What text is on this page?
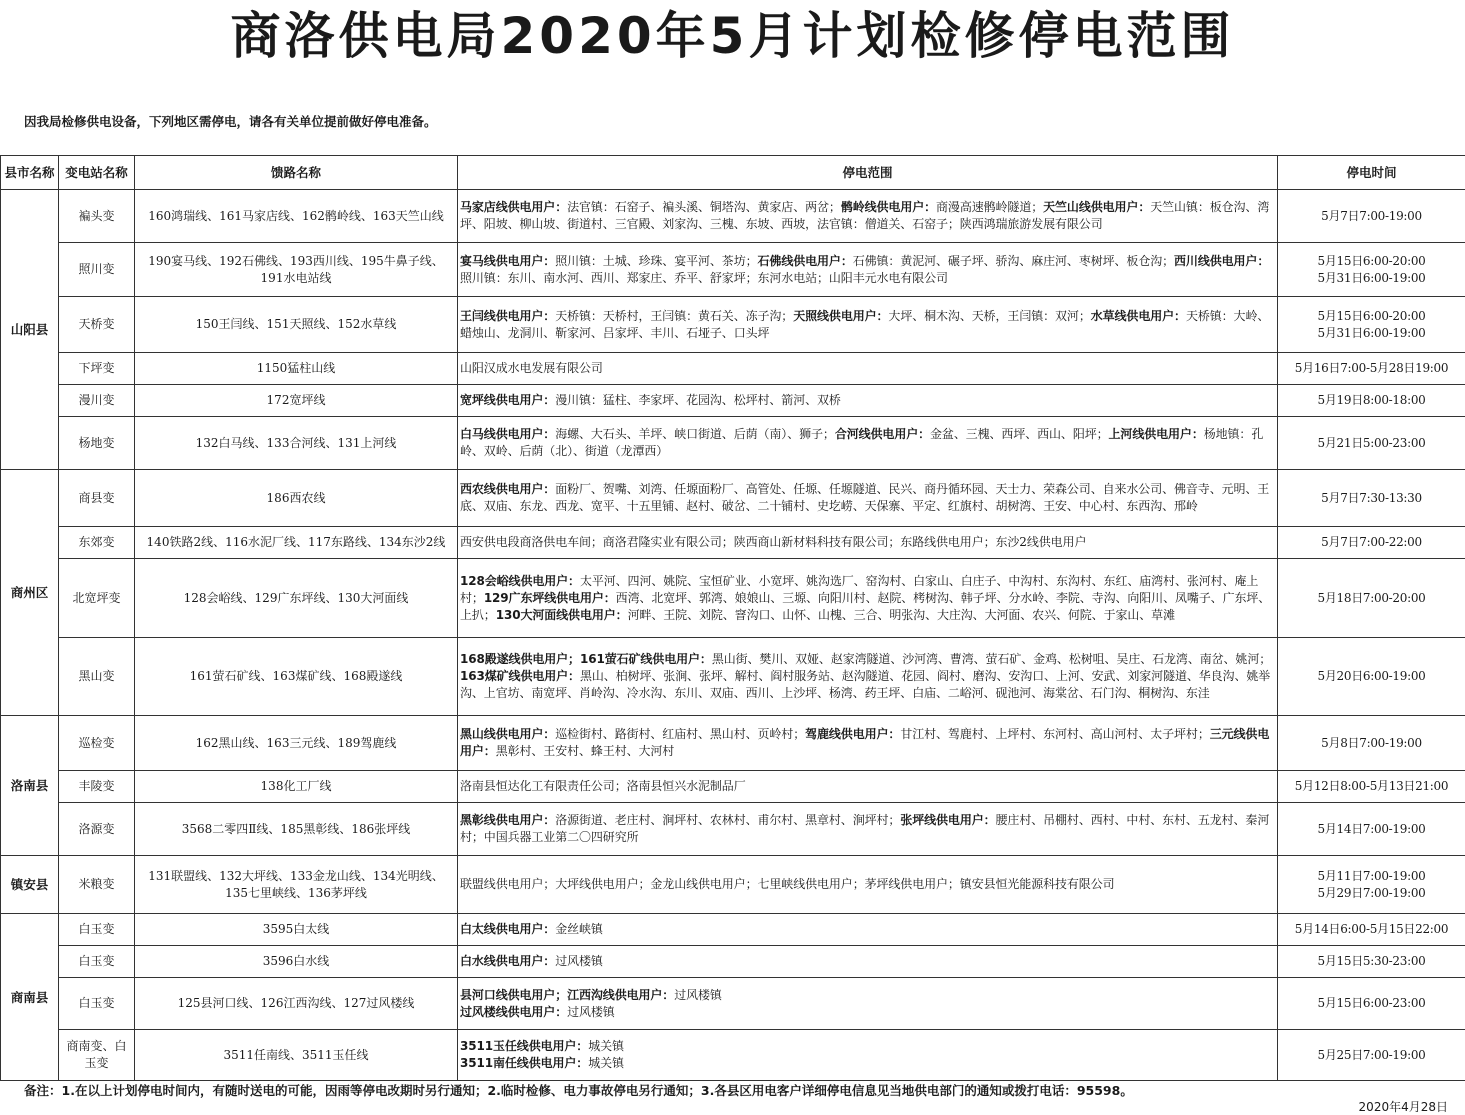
商洛供电局2020年5月计划检修停电范围
因我局检修供电设备，下列地区需停电，请各有关单位提前做好停电准备。
县市名称	变电站名称	馈路名称	停电范围	停电时间
山阳县	褊头变	160鸿瑞线、161马家店线、162鹘岭线、163天竺山线	马家店线供电用户：法官镇：石窑子、褊头溪、铜塔沟、黄家店、两岔；鹘岭线供电用户：商漫高速鹘岭隧道；天竺山线供电用户：天竺山镇：板仓沟、湾坪、阳坡、柳山坡、街道村、三官殿、刘家沟、三槐、东坡、西坡，法官镇：僧道关、石窑子；陕西鸿瑞旅游发展有限公司	5月7日7:00-19:00

	照川变	190宴马线、192石佛线、193西川线、195牛鼻子线、191水电站线	宴马线供电用户：照川镇：土城、珍珠、宴平河、茶坊；石佛线供电用户：石佛镇：黄泥河、碾子坪、骄沟、麻庄河、枣树坪、板仓沟；西川线供电用户：照川镇：东川、南水河、西川、郑家庄、乔平、舒家坪；东河水电站；山阳丰元水电有限公司	5月15日6:00-20:00
5月31日6:00-19:00

	天桥变	150王闫线、151天照线、152水草线	王闫线供电用户：天桥镇：天桥村，王闫镇：黄石关、冻子沟；天照线供电用户：大坪、桐木沟、天桥，王闫镇：双河；水草线供电用户：天桥镇：大岭、蜡烛山、龙洞川、靳家河、吕家坪、丰川、石垭子、口头坪	5月15日6:00-20:00
5月31日6:00-19:00

	下坪变	1150猛柱山线	山阳汉成水电发展有限公司	5月16日7:00-5月28日19:00

	漫川变	172宽坪线	宽坪线供电用户：漫川镇：猛柱、李家坪、花园沟、松坪村、箭河、双桥	5月19日8:00-18:00

	杨地变	132白马线、133合河线、131上河线	白马线供电用户：海螺、大石头、羊坪、峡口街道、后荫（南）、狮子；合河线供电用户：金盆、三槐、西坪、西山、阳坪；上河线供电用户：杨地镇：孔岭、双岭、后荫（北）、街道（龙潭西）	5月21日5:00-23:00

商州区	商县变	186西农线	西农线供电用户：面粉厂、贺嘴、刘湾、任塬面粉厂、高管处、任塬、任塬隧道、民兴、商丹循环园、天士力、荣森公司、自来水公司、佛音寺、元明、王底、双庙、东龙、西龙、宽平、十五里铺、赵村、破岔、二十铺村、史圪崂、天保寨、平定、红旗村、胡树湾、王安、中心村、东西沟、邢岭	5月7日7:30-13:30

	东郊变	140铁路2线、116水泥厂线、117东路线、134东沙2线	西安供电段商洛供电车间；商洛君隆实业有限公司；陕西商山新材料科技有限公司；东路线供电用户；东沙2线供电用户	5月7日7:00-22:00

	北宽坪变	128会峪线、129广东坪线、130大河面线	128会峪线供电用户：太平河、四河、姚院、宝恒矿业、小宽坪、姚沟选厂、窑沟村、白家山、白庄子、中沟村、东沟村、东红、庙湾村、张河村、庵上村；129广东坪线供电用户：西湾、北宽坪、郭湾、娘娘山、三塬、向阳川村、赵院、栲树沟、韩子坪、分水岭、李院、寺沟、向阳川、凤嘴子、广东坪、上扒；130大河面线供电用户：河畔、王院、刘院、窨沟口、山怀、山槐、三合、明张沟、大庄沟、大河面、农兴、何院、于家山、草滩	5月18日7:00-20:00

	黑山变	161萤石矿线、163煤矿线、168殿遂线	168殿遂线供电用户；161萤石矿线供电用户：黑山街、樊川、双娅、赵家湾隧道、沙河湾、曹湾、萤石矿、金鸡、松树咀、吴庄、石龙湾、南岔、姚河；163煤矿线供电用户：黑山、柏树坪、张涧、张坪、解村、阎村服务站、赵沟隧道、花园、阎村、磨沟、安沟口、上河、安武、刘家河隧道、华良沟、姚举沟、上官坊、南宽坪、肖岭沟、冷水沟、东川、双庙、西川、上沙坪、杨湾、药王坪、白庙、二峪河、砚池河、海棠岔、石门沟、桐树沟、东洼	5月20日6:00-19:00

洛南县	巡检变	162黑山线、163三元线、189驾鹿线	黑山线供电用户：巡检街村、路街村、红庙村、黑山村、页岭村；驾鹿线供电用户：甘江村、驾鹿村、上坪村、东河村、高山河村、太子坪村；三元线供电用户：黑彰村、王安村、蜂王村、大河村	5月8日7:00-19:00

	丰陵变	138化工厂线	洛南县恒达化工有限责任公司；洛南县恒兴水泥制品厂	5月12日8:00-5月13日21:00

	洛源变	3568二零四Ⅱ线、185黑彰线、186张坪线	黑彰线供电用户：洛源街道、老庄村、涧坪村、农林村、甫尔村、黑章村、涧坪村；张坪线供电用户：腰庄村、吊棚村、西村、中村、东村、五龙村、秦河村；中国兵器工业第二〇四研究所	5月14日7:00-19:00

镇安县	米粮变	131联盟线、132大坪线、133金龙山线、134光明线、135七里峡线、136茅坪线	联盟线供电用户；大坪线供电用户；金龙山线供电用户；七里峡线供电用户；茅坪线供电用户；镇安县恒光能源科技有限公司	5月11日7:00-19:00
5月29日7:00-19:00

商南县	白玉变	3595白太线	白太线供电用户：金丝峡镇	5月14日6:00-5月15日22:00

	白玉变	3596白水线	白水线供电用户：过风楼镇	5月15日5:30-23:00

	白玉变	125县河口线、126江西沟线、127过风楼线	县河口线供电用户；江西沟线供电用户：过风楼镇
过风楼线供电用户：过风楼镇	5月15日6:00-23:00

	商南变、白玉变	3511任南线、3511玉任线	3511玉任线供电用户：城关镇
3511南任线供电用户：城关镇	5月25日7:00-19:00
备注：1.在以上计划停电时间内，有随时送电的可能，因雨等停电改期时另行通知；2.临时检修、电力事故停电另行通知；3.各县区用电客户详细停电信息见当地供电部门的通知或拨打电话：95598。
2020年4月28日
